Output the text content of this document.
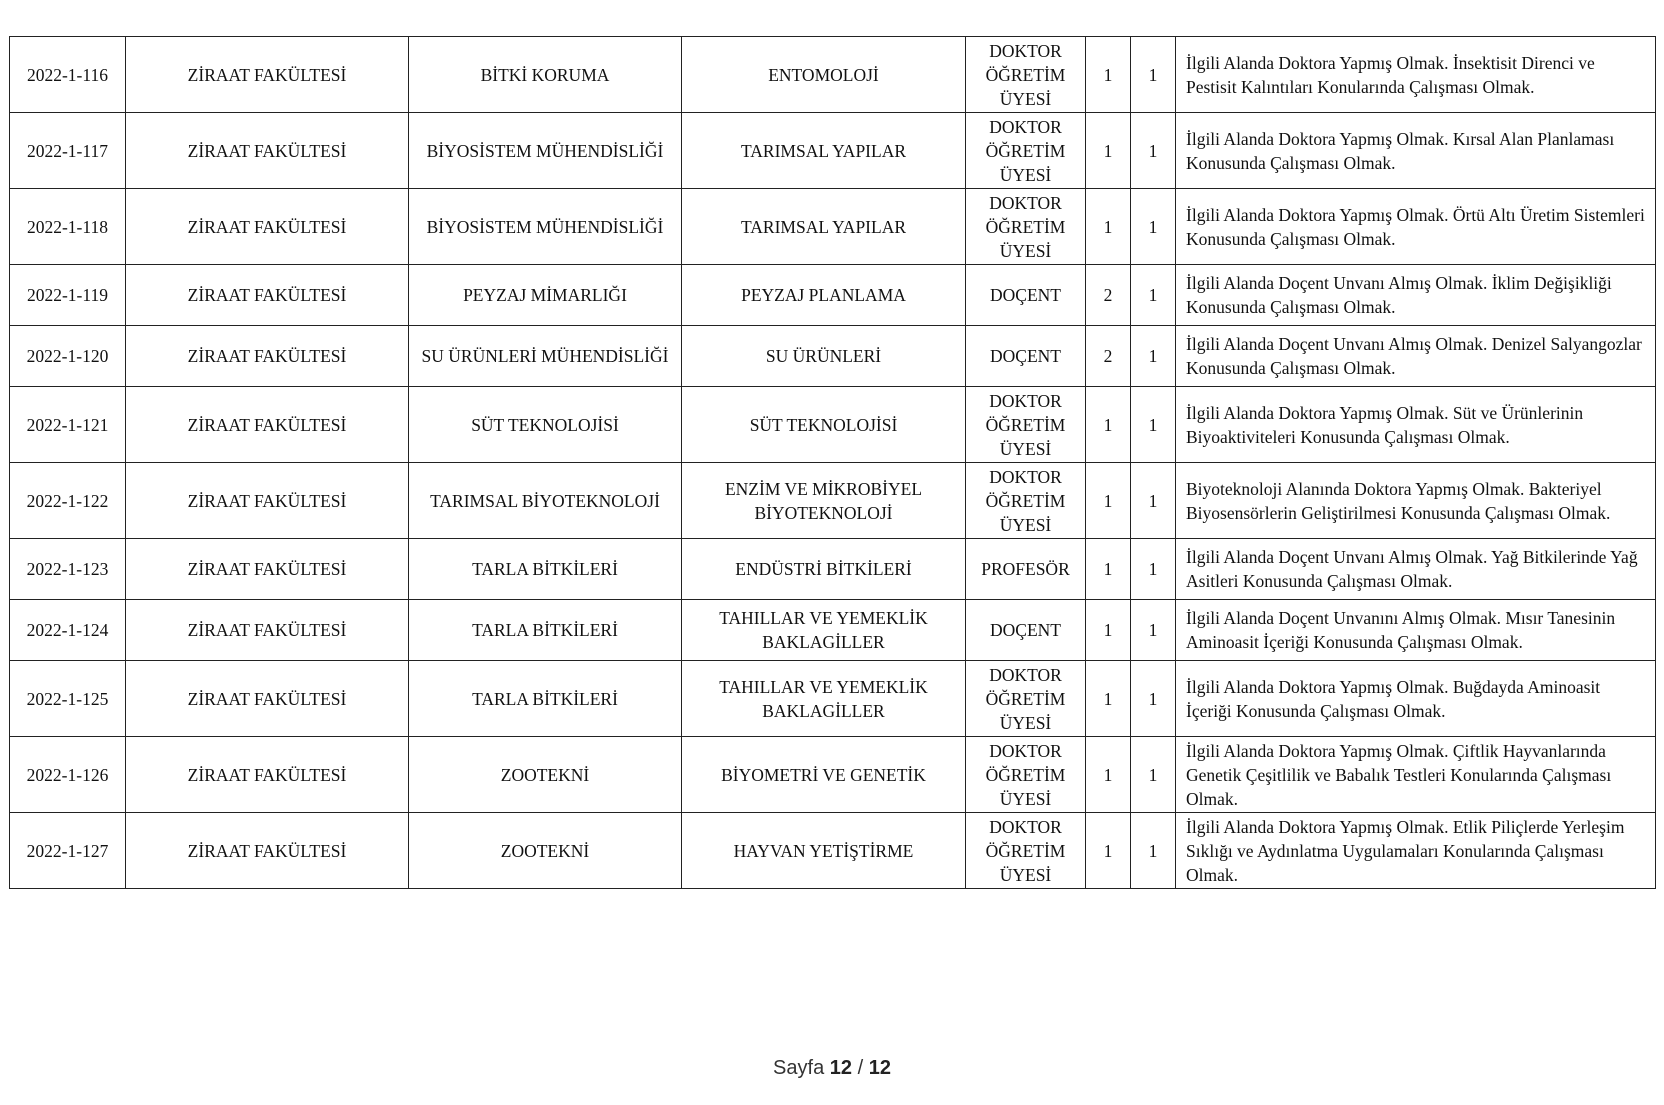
2022-1-116	ZİRAAT FAKÜLTESİ	BİTKİ KORUMA	ENTOMOLOJİ	DOKTOR ÖĞRETİM ÜYESİ	1	1	İlgili Alanda Doktora Yapmış Olmak. İnsektisit Direnci ve Pestisit Kalıntıları Konularında Çalışması Olmak.
2022-1-117	ZİRAAT FAKÜLTESİ	BİYOSİSTEM MÜHENDİSLİĞİ	TARIMSAL YAPILAR	DOKTOR ÖĞRETİM ÜYESİ	1	1	İlgili Alanda Doktora Yapmış Olmak. Kırsal Alan Planlaması Konusunda Çalışması Olmak.
2022-1-118	ZİRAAT FAKÜLTESİ	BİYOSİSTEM MÜHENDİSLİĞİ	TARIMSAL YAPILAR	DOKTOR ÖĞRETİM ÜYESİ	1	1	İlgili Alanda Doktora Yapmış Olmak. Örtü Altı Üretim Sistemleri Konusunda Çalışması Olmak.
2022-1-119	ZİRAAT FAKÜLTESİ	PEYZAJ MİMARLIĞI	PEYZAJ PLANLAMA	DOÇENT	2	1	İlgili Alanda Doçent Unvanı Almış Olmak. İklim Değişikliği Konusunda Çalışması Olmak.
2022-1-120	ZİRAAT FAKÜLTESİ	SU ÜRÜNLERİ MÜHENDİSLİĞİ	SU ÜRÜNLERİ	DOÇENT	2	1	İlgili Alanda Doçent Unvanı Almış Olmak. Denizel Salyangozlar Konusunda Çalışması Olmak.
2022-1-121	ZİRAAT FAKÜLTESİ	SÜT TEKNOLOJİSİ	SÜT TEKNOLOJİSİ	DOKTOR ÖĞRETİM ÜYESİ	1	1	İlgili Alanda Doktora Yapmış Olmak. Süt ve Ürünlerinin Biyoaktiviteleri Konusunda Çalışması Olmak.
2022-1-122	ZİRAAT FAKÜLTESİ	TARIMSAL BİYOTEKNOLOJİ	ENZİM VE MİKROBİYEL BİYOTEKNOLOJİ	DOKTOR ÖĞRETİM ÜYESİ	1	1	Biyoteknoloji Alanında Doktora Yapmış Olmak. Bakteriyel Biyosensörlerin Geliştirilmesi Konusunda Çalışması Olmak.
2022-1-123	ZİRAAT FAKÜLTESİ	TARLA BİTKİLERİ	ENDÜSTRİ BİTKİLERİ	PROFESÖR	1	1	İlgili Alanda Doçent Unvanı Almış Olmak. Yağ Bitkilerinde Yağ Asitleri Konusunda Çalışması Olmak.
2022-1-124	ZİRAAT FAKÜLTESİ	TARLA BİTKİLERİ	TAHILLAR VE YEMEKLİK BAKLAGİLLER	DOÇENT	1	1	İlgili Alanda Doçent Unvanını Almış Olmak. Mısır Tanesinin Aminoasit İçeriği Konusunda Çalışması Olmak.
2022-1-125	ZİRAAT FAKÜLTESİ	TARLA BİTKİLERİ	TAHILLAR VE YEMEKLİK BAKLAGİLLER	DOKTOR ÖĞRETİM ÜYESİ	1	1	İlgili Alanda Doktora Yapmış Olmak. Buğdayda Aminoasit İçeriği Konusunda Çalışması Olmak.
2022-1-126	ZİRAAT FAKÜLTESİ	ZOOTEKNİ	BİYOMETRİ VE GENETİK	DOKTOR ÖĞRETİM ÜYESİ	1	1	İlgili Alanda Doktora Yapmış Olmak. Çiftlik Hayvanlarında Genetik Çeşitlilik ve Babalık Testleri Konularında Çalışması Olmak.
2022-1-127	ZİRAAT FAKÜLTESİ	ZOOTEKNİ	HAYVAN YETİŞTİRME	DOKTOR ÖĞRETİM ÜYESİ	1	1	İlgili Alanda Doktora Yapmış Olmak. Etlik Piliçlerde Yerleşim Sıklığı ve Aydınlatma Uygulamaları Konularında Çalışması Olmak.
Sayfa 12 / 12
